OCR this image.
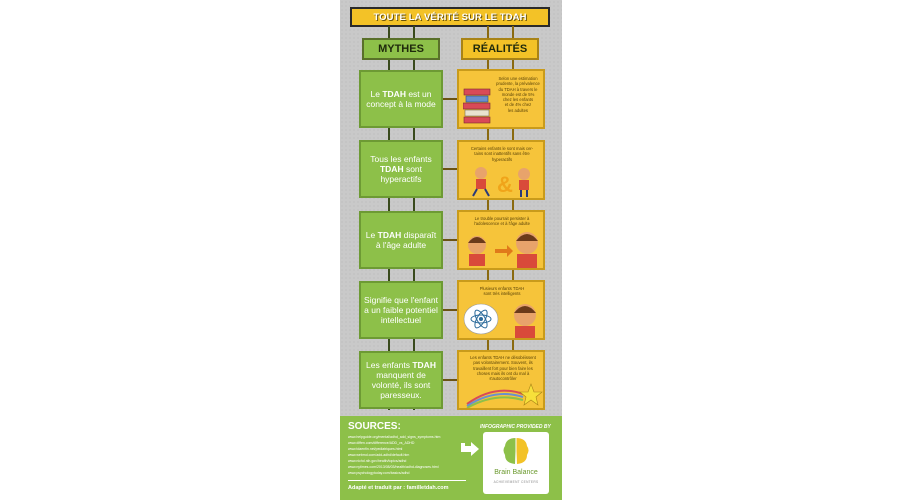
TOUTE LA VÉRITÉ SUR LE TDAH
MYTHES	RÉALITÉS
Le TDAH est un concept à la mode
Selon une estimation
prudente, la prévalence
du TDAH à travers le
monde est de 5%
chez les enfants
et de 4% chez
les adultes
Tous les enfants TDAH sont hyperactifs
Certains enfants le sont mais cer-
tains sont inattentifs sans être
hyperactifs
&
Le TDAH disparaît à l'âge adulte
Le trouble pourrait persister à
l'adolescence et à l'âge adulte
Signifie que l'enfant a un faible potentiel intellectuel
Plusieurs enfants TDAH
sont très intelligents
Les enfants TDAH manquent de volonté, ils sont paresseux.
Les enfants TDAH ne désobéissent
pas volontairement. Souvent, ils
travaillent fort pour bien faire les
choses mais ils ont du mal à
s'autocontrôler
SOURCES:
www.helpguide.org/mental/adhd_add_signs_symptoms.htm
www.diffen.com/difference/ADD_vs_ADHD
www.tdaenfin.net/pediatriques.html
www.webmd.com/add-adhd/default.htm
www.nichd.nih.gov/health/topics/adhd
www.nytimes.com/2013/08/03/health/adhd-diagnoses.html
www.psychologytoday.com/basics/adhd
Adapté et traduit par : familletdah.com
INFOGRAPHIC PROVIDED BY
Brain Balance
ACHIEVEMENT CENTERS
